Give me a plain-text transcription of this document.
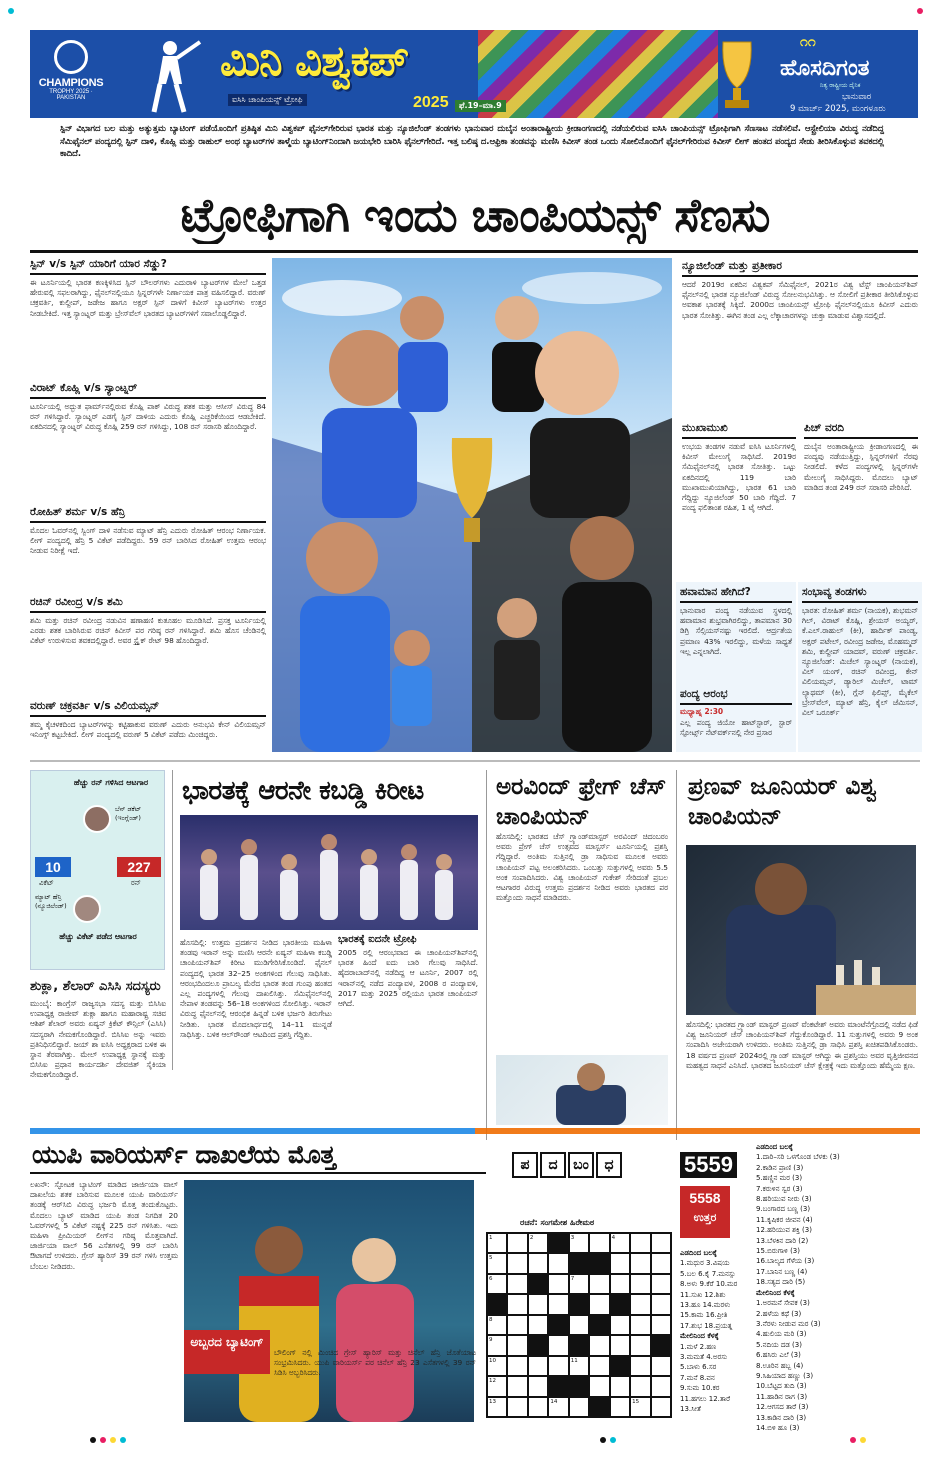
CHAMPIONS
TROPHY 2025 · PAKISTAN
ಮಿನಿ ವಿಶ್ವಕಪ್
ಐಸಿಸಿ ಚಾಂಪಿಯನ್ಸ್ ಟ್ರೋಫಿ	2025	ಫೆ.19–ಮಾ.9
೧೧
ಹೊಸದಿಗಂತ
ನಿತ್ಯ ರಾಷ್ಟ್ರೀಯ ದೈನಿಕ
ಭಾನುವಾರ
9 ಮಾರ್ಚ್ 2025, ಮಂಗಳೂರು
ಸ್ಪಿನ್ ವಿಭಾಗದ ಬಲ ಮತ್ತು ಅತ್ಯುತ್ತಮ ಬ್ಯಾಟಿಂಗ್ ಪಡೆಯೊಂದಿಗೆ ಪ್ರತಿಷ್ಠಿತ ಮಿನಿ ವಿಶ್ವಕಪ್ ಫೈನಲ್‌ಗೇರಿರುವ ಭಾರತ ಮತ್ತು ನ್ಯೂಜಿಲೆಂಡ್ ತಂಡಗಳು ಭಾನುವಾರ ದುಬೈನ ಅಂತಾರಾಷ್ಟ್ರೀಯ ಕ್ರೀಡಾಂಗಣದಲ್ಲಿ ನಡೆಯಲಿರುವ ಐಸಿಸಿ ಚಾಂಪಿಯನ್ಸ್ ಟ್ರೋಫಿಗಾಗಿ ಸೆಣಸಾಟ ನಡೆಸಲಿವೆ. ಆಸ್ಟ್ರೇಲಿಯಾ ವಿರುದ್ಧ ನಡೆದಿದ್ದ ಸೆಮಿಫೈನಲ್ ಪಂದ್ಯದಲ್ಲಿ ಸ್ಪಿನ್ ದಾಳಿ, ಕೊಹ್ಲಿ ಮತ್ತು ರಾಹುಲ್ ಅಂಥ ಬ್ಯಾಟರ್‌ಗಳ ತಾಳ್ಮೆಯ ಬ್ಯಾಟಿಂಗ್‌ನಿಂದಾಗಿ ಜಯಭೇರಿ ಬಾರಿಸಿ ಫೈನಲ್‌ಗೇರಿದೆ. ಇತ್ತ ಬಲಿಷ್ಠ ದ.ಆಫ್ರಿಕಾ ತಂಡವನ್ನು ಮಣಿಸಿ ಕಿವೀಸ್ ತಂಡ ಒಂದು ಸೋಲಿನೊಂದಿಗೆ ಫೈನಲ್‌ಗೇರಿರುವ ಕಿವೀಸ್ ಲೀಗ್ ಹಂತದ ಪಂದ್ಯದ ಸೇಡು ತೀರಿಸಿಕೊಳ್ಳುವ ತವಕದಲ್ಲಿ ಕಾದಿದೆ.
ಟ್ರೋಫಿಗಾಗಿ ಇಂದು ಚಾಂಪಿಯನ್ಸ್ ಸೆಣಸು
ಸ್ಪಿನ್ v/s ಸ್ಪಿನ್ ಯಾರಿಗೆ ಯಾರ ಸೆಡ್ಡು?
ಈ ಟೂರ್ನಿಯಲ್ಲಿ ಭಾರತ ಕಣಕ್ಕಿಳಿಸಿದ ಸ್ಪಿನ್ ಬೌಲರ್‌ಗಳು ಎದುರಾಳಿ ಬ್ಯಾಟರ್‌ಗಳ ಮೇಲೆ ಒತ್ತಡ ಹೇರುವಲ್ಲಿ ಸಫಲರಾಗಿದ್ದು, ಫೈನಲ್‌ನಲ್ಲಿಯೂ ಸ್ಪಿನ್ನರ್‌ಗಳೇ ನಿರ್ಣಾಯಕ ಪಾತ್ರ ವಹಿಸಲಿದ್ದಾರೆ. ವರುಣ್ ಚಕ್ರವರ್ತಿ, ಕುಲ್ದೀಪ್, ಜಡೇಜ ಹಾಗೂ ಅಕ್ಷರ್ ಸ್ಪಿನ್ ದಾಳಿಗೆ ಕಿವೀಸ್ ಬ್ಯಾಟರ್‌ಗಳು ಉತ್ತರ ನೀಡಬೇಕಿದೆ. ಇತ್ತ ಸ್ಯಾಂಟ್ನರ್ ಮತ್ತು ಬ್ರೇಸ್‌ವೆಲ್ ಭಾರತದ ಬ್ಯಾಟರ್‌ಗಳಿಗೆ ಸವಾಲೊಡ್ಡಲಿದ್ದಾರೆ.
ವಿರಾಟ್ ಕೊಹ್ಲಿ v/s ಸ್ಯಾಂಟ್ನರ್
ಟೂರ್ನಿಯಲ್ಲಿ ಅದ್ಭುತ ಫಾರ್ಮ್‌ನಲ್ಲಿರುವ ಕೊಹ್ಲಿ ಪಾಕ್ ವಿರುದ್ಧ ಶತಕ ಮತ್ತು ಆಸೀಸ್ ವಿರುದ್ಧ 84 ರನ್ ಗಳಿಸಿದ್ದಾರೆ. ಸ್ಯಾಂಟ್ನರ್ ಎಡಗೈ ಸ್ಪಿನ್ ದಾಳಿಯ ಎದುರು ಕೊಹ್ಲಿ ಎಚ್ಚರಿಕೆಯಿಂದ ಆಡಬೇಕಿದೆ. ಏಕದಿನದಲ್ಲಿ ಸ್ಯಾಂಟ್ನರ್ ವಿರುದ್ಧ ಕೊಹ್ಲಿ 259 ರನ್ ಗಳಿಸಿದ್ದು, 108 ರನ್ ಸರಾಸರಿ ಹೊಂದಿದ್ದಾರೆ.
ರೋಹಿತ್ ಶರ್ಮ v/s ಹೆನ್ರಿ
ಮೊದಲ ಓವರ್‌ನಲ್ಲಿ ಸ್ವಿಂಗ್ ದಾಳಿ ನಡೆಸುವ ಮ್ಯಾಟ್ ಹೆನ್ರಿ ಎದುರು ರೋಹಿತ್ ಆರಂಭ ನಿರ್ಣಾಯಕ. ಲೀಗ್ ಪಂದ್ಯದಲ್ಲಿ ಹೆನ್ರಿ 5 ವಿಕೆಟ್ ಪಡೆದಿದ್ದರು. 59 ರನ್ ಬಾರಿಸಿದ ರೋಹಿತ್ ಉತ್ತಮ ಆರಂಭ ನೀಡುವ ನಿರೀಕ್ಷೆ ಇದೆ.
ರಚಿನ್ ರವೀಂದ್ರ v/s ಶಮಿ
ಶಮಿ ಮತ್ತು ರಚಿನ್ ರವೀಂದ್ರ ನಡುವಿನ ಹಣಾಹಣಿ ಕುತೂಹಲ ಮೂಡಿಸಿದೆ. ಪ್ರಸಕ್ತ ಟೂರ್ನಿಯಲ್ಲಿ ಎರಡು ಶತಕ ಬಾರಿಸಿರುವ ರಚಿನ್ ಕಿವೀಸ್ ಪರ ಗರಿಷ್ಠ ರನ್ ಗಳಿಸಿದ್ದಾರೆ. ಶಮಿ ಹೊಸ ಚೆಂಡಿನಲ್ಲಿ ವಿಕೆಟ್ ಉರುಳಿಸುವ ತವಕದಲ್ಲಿದ್ದಾರೆ. ಅವರ ಸ್ಟ್ರೈಕ್ ರೇಟ್ 98 ಹೊಂದಿದ್ದಾರೆ.
ವರುಣ್ ಚಕ್ರವರ್ತಿ v/s ವಿಲಿಯಮ್ಸನ್
ತಮ್ಮ ಕೈಚಳಕದಿಂದ ಬ್ಯಾಟರ್‌ಗಳನ್ನು ಕಟ್ಟಿಹಾಕುವ ವರುಣ್ ಎದುರು ಅನುಭವಿ ಕೇನ್ ವಿಲಿಯಮ್ಸನ್ ಇನಿಂಗ್ಸ್ ಕಟ್ಟಬೇಕಿದೆ. ಲೀಗ್ ಪಂದ್ಯದಲ್ಲಿ ವರುಣ್ 5 ವಿಕೆಟ್ ಪಡೆದು ಮಿಂಚಿದ್ದರು.
ನ್ಯೂಜಿಲೆಂಡ್ ಮತ್ತು ಪ್ರತೀಕಾರ
ಆದರೆ 2019ರ ಏಕದಿನ ವಿಶ್ವಕಪ್ ಸೆಮಿಫೈನಲ್, 2021ರ ವಿಶ್ವ ಟೆಸ್ಟ್ ಚಾಂಪಿಯನ್‌ಶಿಪ್ ಫೈನಲ್‌ನಲ್ಲಿ ಭಾರತ ನ್ಯೂಜಿಲೆಂಡ್ ವಿರುದ್ಧ ಸೋಲನುಭವಿಸಿತ್ತು. ಆ ಸೋಲಿಗೆ ಪ್ರತೀಕಾರ ತೀರಿಸಿಕೊಳ್ಳುವ ಅವಕಾಶ ಭಾರತಕ್ಕೆ ಸಿಕ್ಕಿದೆ. 2000ದ ಚಾಂಪಿಯನ್ಸ್ ಟ್ರೋಫಿ ಫೈನಲ್‌ನಲ್ಲಿಯೂ ಕಿವೀಸ್ ಎದುರು ಭಾರತ ಸೋತಿತ್ತು. ಈಗಿನ ತಂಡ ಎಲ್ಲ ಲೆಕ್ಕಾಚಾರಗಳನ್ನು ಚುಕ್ತಾ ಮಾಡುವ ವಿಶ್ವಾಸದಲ್ಲಿದೆ.
ಮುಖಾಮುಖಿ
ಉಭಯ ತಂಡಗಳ ನಡುವೆ ಐಸಿಸಿ ಟೂರ್ನಿಗಳಲ್ಲಿ ಕಿವೀಸ್ ಮೇಲುಗೈ ಸಾಧಿಸಿದೆ. 2019ರ ಸೆಮಿಫೈನಲ್‌ನಲ್ಲಿ ಭಾರತ ಸೋತಿತ್ತು. ಒಟ್ಟು ಏಕದಿನದಲ್ಲಿ 119 ಬಾರಿ ಮುಖಾಮುಖಿಯಾಗಿದ್ದು, ಭಾರತ 61 ಬಾರಿ ಗೆದ್ದಿದ್ದು ನ್ಯೂಜಿಲೆಂಡ್ 50 ಬಾರಿ ಗೆದ್ದಿದೆ. 7 ಪಂದ್ಯ ಫಲಿತಾಂಶ ರಹಿತ, 1 ಟೈ ಆಗಿದೆ.
ಪಿಚ್ ವರದಿ
ದುಬೈನ ಅಂತಾರಾಷ್ಟ್ರೀಯ ಕ್ರೀಡಾಂಗಣದಲ್ಲಿ ಈ ಪಂದ್ಯವು ನಡೆಯುತ್ತಿದ್ದು, ಸ್ಪಿನ್ನರ್‌ಗಳಿಗೆ ನೆರವು ನೀಡಲಿದೆ. ಕಳೆದ ಪಂದ್ಯಗಳಲ್ಲಿ ಸ್ಪಿನ್ನರ್‌ಗಳೇ ಮೇಲುಗೈ ಸಾಧಿಸಿದ್ದರು. ಮೊದಲು ಬ್ಯಾಟ್ ಮಾಡಿದ ತಂಡ 249 ರನ್ ಸರಾಸರಿ ಪೇರಿಸಿದೆ.
ಹವಾಮಾನ ಹೇಗಿದೆ?
ಭಾನುವಾರ ಪಂದ್ಯ ನಡೆಯುವ ಸ್ಥಳದಲ್ಲಿ ಹವಾಮಾನ ಶುಭ್ರವಾಗಿರಲಿದ್ದು, ತಾಪಮಾನ 30 ಡಿಗ್ರಿ ಸೆಲ್ಸಿಯಸ್‌ನಷ್ಟು ಇರಲಿದೆ. ಆರ್ದ್ರತೆಯ ಪ್ರಮಾಣ 43% ಇರಲಿದ್ದು, ಮಳೆಯ ಸಾಧ್ಯತೆ ಇಲ್ಲ ಎನ್ನಲಾಗಿದೆ.
ಪಂದ್ಯ ಆರಂಭ
ಮಧ್ಯಾಹ್ನ 2:30
ಎಲ್ಲ ಪಂದ್ಯ ಜಿಯೋ ಹಾಟ್‌ಸ್ಟಾರ್, ಸ್ಟಾರ್ ಸ್ಪೋರ್ಟ್ಸ್ ನೆಟ್‌ವರ್ಕ್‌ನಲ್ಲಿ ನೇರ ಪ್ರಸಾರ
ಸಂಭಾವ್ಯ ತಂಡಗಳು
ಭಾರತ: ರೋಹಿತ್ ಶರ್ಮ (ನಾಯಕ), ಶುಭಮನ್ ಗಿಲ್, ವಿರಾಟ್ ಕೊಹ್ಲಿ, ಶ್ರೇಯಸ್ ಅಯ್ಯರ್, ಕೆ.ಎಲ್.ರಾಹುಲ್ (ಕೀ), ಹಾರ್ದಿಕ್ ಪಾಂಡ್ಯ, ಅಕ್ಷರ್ ಪಟೇಲ್, ರವೀಂದ್ರ ಜಡೇಜ, ಮೊಹಮ್ಮದ್ ಶಮಿ, ಕುಲ್ದೀಪ್ ಯಾದವ್, ವರುಣ್ ಚಕ್ರವರ್ತಿ. ನ್ಯೂಜಿಲೆಂಡ್: ಮಿಚೆಲ್ ಸ್ಯಾಂಟ್ನರ್ (ನಾಯಕ), ವಿಲ್ ಯಂಗ್, ರಚಿನ್ ರವೀಂದ್ರ, ಕೇನ್ ವಿಲಿಯಮ್ಸನ್, ಡ್ಯಾರಿಲ್ ಮಿಚೆಲ್, ಟಾಮ್ ಲ್ಯಾಥಮ್ (ಕೀ), ಗ್ಲೆನ್ ಫಿಲಿಪ್ಸ್, ಮೈಕೆಲ್ ಬ್ರೇಸ್‌ವೆಲ್, ಮ್ಯಾಟ್ ಹೆನ್ರಿ, ಕೈಲ್ ಜೆಮಿಸನ್, ವಿಲ್ ಒರೂರ್ಕ್
ಹೆಚ್ಚು ರನ್ ಗಳಿಸಿದ ಆಟಗಾರ
ಬೆನ್ ಡಕೆಟ್ (ಇಂಗ್ಲೆಂಡ್)
10	227
ವಿಕೆಟ್	ರನ್
ಮ್ಯಾಟ್ ಹೆನ್ರಿ (ನ್ಯೂಜಿಲೆಂಡ್)
ಹೆಚ್ಚು ವಿಕೆಟ್ ಪಡೆದ ಆಟಗಾರ
ಶುಕ್ಲಾ, ಶೆಲಾರ್ ಎಸಿಸಿ ಸದಸ್ಯರು
ಮುಂಬೈ: ಕಾಂಗ್ರೆಸ್ ರಾಜ್ಯಸಭಾ ಸದಸ್ಯ ಮತ್ತು ಬಿಸಿಸಿಐ ಉಪಾಧ್ಯಕ್ಷ ರಾಜೀವ್ ಶುಕ್ಲಾ ಹಾಗೂ ಮಹಾರಾಷ್ಟ್ರ ಸಚಿವ ಆಶಿಶ್ ಶೆಲಾರ್ ಅವರು ಏಷ್ಯನ್ ಕ್ರಿಕೆಟ್ ಕೌನ್ಸಿಲ್ (ಎಸಿಸಿ) ಸದಸ್ಯರಾಗಿ ನೇಮಕಗೊಂಡಿದ್ದಾರೆ. ಬಿಸಿಸಿಐ ಅನ್ನು ಇವರು ಪ್ರತಿನಿಧಿಸಲಿದ್ದಾರೆ. ಜಯ್ ಶಾ ಐಸಿಸಿ ಅಧ್ಯಕ್ಷರಾದ ಬಳಿಕ ಈ ಸ್ಥಾನ ತೆರವಾಗಿತ್ತು. ಮೇಲ್ ಉಪಾಧ್ಯಕ್ಷ ಸ್ಥಾನಕ್ಕೆ ಮತ್ತು ಬಿಸಿಸಿಐ ಪ್ರಧಾನ ಕಾರ್ಯದರ್ಶಿ ದೇವಜಿತ್ ಸೈಕಿಯಾ ನೇಮಕಗೊಂಡಿದ್ದಾರೆ.
ಭಾರತಕ್ಕೆ ಆರನೇ ಕಬಡ್ಡಿ ಕಿರೀಟ
ಹೊಸದಿಲ್ಲಿ: ಉತ್ತಮ ಪ್ರದರ್ಶನ ನೀಡಿದ ಭಾರತೀಯ ಮಹಿಳಾ ತಂಡವು ಇರಾನ್ ಅನ್ನು ಮಣಿಸಿ ಆರನೇ ಏಷ್ಯನ್ ಮಹಿಳಾ ಕಬಡ್ಡಿ ಚಾಂಪಿಯನ್‌ಶಿಪ್ ಕಿರೀಟ ಮುಡಿಗೇರಿಸಿಕೊಂಡಿದೆ. ಫೈನಲ್ ಪಂದ್ಯದಲ್ಲಿ ಭಾರತ 32–25 ಅಂಕಗಳಿಂದ ಗೆಲುವು ಸಾಧಿಸಿತು. ಆರಂಭದಿಂದಲೂ ಪ್ರಾಬಲ್ಯ ಮೆರೆದ ಭಾರತ ತಂಡ ಗುಂಪು ಹಂತದ ಎಲ್ಲ ಪಂದ್ಯಗಳಲ್ಲಿ ಗೆಲುವು ದಾಖಲಿಸಿತ್ತು. ಸೆಮಿಫೈನಲ್‌ನಲ್ಲಿ ನೇಪಾಳ ತಂಡವನ್ನು 56–18 ಅಂಕಗಳಿಂದ ಸೋಲಿಸಿತ್ತು. ಇರಾನ್ ವಿರುದ್ಧ ಫೈನಲ್‌ನಲ್ಲಿ ಆರಂಭಿಕ ಹಿನ್ನಡೆ ಬಳಿಕ ಭರ್ಜರಿ ತಿರುಗೇಟು ನೀಡಿತು. ಭಾರತ ಮೊದಲಾರ್ಧದಲ್ಲಿ 14–11 ಮುನ್ನಡೆ ಸಾಧಿಸಿತ್ತು. ಬಳಿಕ ಆಲ್‌ರೌಂಡ್ ಆಟದಿಂದ ಪ್ರಶಸ್ತಿ ಗೆದ್ದಿತು.
ಭಾರತಕ್ಕೆ ಐದನೇ ಟ್ರೋಫಿ
2005 ರಲ್ಲಿ ಆರಂಭವಾದ ಈ ಚಾಂಪಿಯನ್‌ಶಿಪ್‌ನಲ್ಲಿ ಭಾರತ ಹಿಂದೆ ಐದು ಬಾರಿ ಗೆಲುವು ಸಾಧಿಸಿದೆ. ಹೈದರಾಬಾದ್‌ನಲ್ಲಿ ನಡೆದಿದ್ದ ಆ ಟೂರ್ನಿ, 2007 ರಲ್ಲಿ ಇರಾನ್‌ನಲ್ಲಿ ನಡೆದ ಪಂದ್ಯಾವಳಿ, 2008 ರ ಪಂದ್ಯಾವಳಿ, 2017 ಮತ್ತು 2025 ರಲ್ಲಿಯೂ ಭಾರತ ಚಾಂಪಿಯನ್ ಆಗಿದೆ.
ಅರವಿಂದ್ ಫ್ರೇಗ್ ಚೆಸ್ ಚಾಂಪಿಯನ್
ಹೊಸದಿಲ್ಲಿ: ಭಾರತದ ಚೆಸ್ ಗ್ರ್ಯಾಂಡ್‌ಮಾಸ್ಟರ್ ಅರವಿಂದ್ ಚಿದಂಬರಂ ಅವರು ಪ್ರೇಗ್ ಚೆಸ್ ಉತ್ಸವದ ಮಾಸ್ಟರ್ಸ್ ಟೂರ್ನಿಯಲ್ಲಿ ಪ್ರಶಸ್ತಿ ಗೆದ್ದಿದ್ದಾರೆ. ಅಂತಿಮ ಸುತ್ತಿನಲ್ಲಿ ಡ್ರಾ ಸಾಧಿಸುವ ಮೂಲಕ ಅವರು ಚಾಂಪಿಯನ್ ಪಟ್ಟ ಅಲಂಕರಿಸಿದರು. ಒಂಬತ್ತು ಸುತ್ತುಗಳಲ್ಲಿ ಅವರು 5.5 ಅಂಕ ಸಂಪಾದಿಸಿದರು. ವಿಶ್ವ ಚಾಂಪಿಯನ್ ಗುಕೇಶ್ ಸೇರಿದಂತೆ ಪ್ರಬಲ ಆಟಗಾರರ ವಿರುದ್ಧ ಉತ್ತಮ ಪ್ರದರ್ಶನ ನೀಡಿದ ಅವರು ಭಾರತದ ಪರ ಮತ್ತೊಂದು ಸಾಧನೆ ಮಾಡಿದರು.
ಪ್ರಣವ್ ಜೂನಿಯರ್ ವಿಶ್ವ ಚಾಂಪಿಯನ್
ಹೊಸದಿಲ್ಲಿ: ಭಾರತದ ಗ್ರ್ಯಾಂಡ್ ಮಾಸ್ಟರ್ ಪ್ರಣವ್ ವೆಂಕಟೇಶ್ ಅವರು ಮಾಂಟೆನೆಗ್ರೊದಲ್ಲಿ ನಡೆದ ಫಿಡೆ ವಿಶ್ವ ಜೂನಿಯರ್ ಚೆಸ್ ಚಾಂಪಿಯನ್‌ಶಿಪ್ ಗೆದ್ದುಕೊಂಡಿದ್ದಾರೆ. 11 ಸುತ್ತುಗಳಲ್ಲಿ ಅವರು 9 ಅಂಕ ಸಂಪಾದಿಸಿ ಅಜೇಯರಾಗಿ ಉಳಿದರು. ಅಂತಿಮ ಸುತ್ತಿನಲ್ಲಿ ಡ್ರಾ ಸಾಧಿಸಿ ಪ್ರಶಸ್ತಿ ಖಚಿತಪಡಿಸಿಕೊಂಡರು. 18 ವರ್ಷದ ಪ್ರಣವ್ 2024ರಲ್ಲಿ ಗ್ರ್ಯಾಂಡ್ ಮಾಸ್ಟರ್ ಆಗಿದ್ದು ಈ ಪ್ರಶಸ್ತಿಯು ಅವರ ವೃತ್ತಿಜೀವನದ ಮಹತ್ವದ ಸಾಧನೆ ಎನಿಸಿದೆ. ಭಾರತದ ಜೂನಿಯರ್ ಚೆಸ್ ಕ್ಷೇತ್ರಕ್ಕೆ ಇದು ಮತ್ತೊಂದು ಹೆಮ್ಮೆಯ ಕ್ಷಣ.
ಯುಪಿ ವಾರಿಯರ್ಸ್ ದಾಖಲೆಯ ಮೊತ್ತ
ಲಖನೌ: ಸ್ಫೋಟಕ ಬ್ಯಾಟಿಂಗ್ ಮಾಡಿದ ಜಾರ್ಜಿಯಾ ವಾಲ್ ದಾಖಲೆಯ ಶತಕ ಬಾರಿಸುವ ಮೂಲಕ ಯುಪಿ ವಾರಿಯರ್ಸ್ ತಂಡಕ್ಕೆ ಆರ್‌ಸಿಬಿ ವಿರುದ್ಧ ಭರ್ಜರಿ ಮೊತ್ತ ತಂದುಕೊಟ್ಟರು. ಮೊದಲು ಬ್ಯಾಟ್ ಮಾಡಿದ ಯುಪಿ ತಂಡ ನಿಗದಿತ 20 ಓವರ್‌ಗಳಲ್ಲಿ 5 ವಿಕೆಟ್ ನಷ್ಟಕ್ಕೆ 225 ರನ್ ಗಳಿಸಿತು. ಇದು ಮಹಿಳಾ ಪ್ರೀಮಿಯರ್ ಲೀಗ್‌ನ ಗರಿಷ್ಠ ಮೊತ್ತವಾಗಿದೆ. ಜಾರ್ಜಿಯಾ ವಾಲ್ 56 ಎಸೆತಗಳಲ್ಲಿ 99 ರನ್ ಬಾರಿಸಿ ಔಟಾಗದೆ ಉಳಿದರು. ಗ್ರೇಸ್ ಹ್ಯಾರಿಸ್ 39 ರನ್ ಗಳಿಸಿ ಉತ್ತಮ ಬೆಂಬಲ ನೀಡಿದರು.
ಅಬ್ಬರದ ಬ್ಯಾಟಿಂಗ್
ಬೌಲಿಂಗ್ ನಲ್ಲಿ ಮಿಂಚಿದ ಗ್ರೇಸ್ ಹ್ಯಾರಿಸ್ ಮತ್ತು ಚಿನೆಲ್ ಹೆನ್ರಿ ಜೊತೆಯಾಟ ಸಂಭ್ರಮಿಸಿದರು. ಯುಪಿ ವಾರಿಯರ್ಸ್ ಪರ ಚಿನೆಲ್ ಹೆನ್ರಿ 23 ಎಸೆತಗಳಲ್ಲಿ 39 ರನ್ ಸಿಡಿಸಿ ಅಬ್ಬರಿಸಿದರು.
ಪ	ದ	ಬಂ	ಧ	5559
5558
ಉತ್ತರ
ರಚನೆ: ಸಂಗಮೇಶ ಹಿರೇಮಠ
1	2	3	4
5
6	7
8
9
10	11
12
13	14	15
ಎಡದಿಂದ ಬಲಕ್ಕೆ
1.ಮಧುರ 3.ವಿಷಯ
5.ಬಲ 6.ಕೈ 7.ಮನಸ್ಸು
8.ಅಳು 9.ಕೆರೆ 10.ಮರ
11.ಸುಖ 12.ಶಿಶು
13.ಹೂ 14.ಮರಳು
15.ಕಾಮ 16.ಪ್ರೀತಿ
17.ಶುಭ 18.ಪ್ರಯತ್ನ
ಮೇಲಿನಿಂದ ಕೆಳಕ್ಕೆ
1.ಮಳೆ 2.ಹಣ
3.ಮಮತೆ 4.ಅರಸು
5.ಬಾಳು 6.ಸರ
7.ಮನೆ 8.ವನ
9.ಸುಮ 10.ಕರ
11.ಹಗಲು 12.ತಾರೆ
13.ಸೀತೆ
ಎಡದಿಂದ ಬಲಕ್ಕೆ
1.ದಾರಿ–ಸರಿ ಒಳಗೊಂಡ ಬೆಳಕು (3)
2.ಕಾಡಿನ ಪ್ರಾಣಿ (3)
5.ಹಣ್ಣಿನ ಮರ (3)
7.ಕರುಳಿನ ಸ್ವರ (3)
8.ಹರಿಯುವ ನೀರು (3)
9.ಬಂಗಾರದ ಬಣ್ಣ (3)
11.ಕೃಷಿಕರ ಜೀವನ (4)
12.ಹರಿಯುವ ಶಕ್ತಿ (3)
13.ಬೆಳಕಿನ ದಾರಿ (2)
15.ಬಿರುಗಾಳಿ (3)
16.ಬಾಲ್ಯದ ಗೆಳೆಯ (3)
17.ಬಾನಿನ ಬಣ್ಣ (4)
18.ಸತ್ಯದ ದಾರಿ (5)
ಮೇಲಿನಿಂದ ಕೆಳಕ್ಕೆ
1.ಅರಮನೆ ಸೇವಕ (3)
2.ಹಳೆಯ ಕಥೆ (3)
3.ನೆರಳು ನೀಡುವ ಮರ (3)
4.ಹುಲಿಯ ಮರಿ (3)
5.ನದಿಯ ದಡ (3)
6.ಹಸಿರು ಎಲೆ (3)
8.ಊರಿನ ಹಬ್ಬ (4)
9.ಸಿಹಿಯಾದ ಹಣ್ಣು (3)
10.ಬೆಟ್ಟದ ತುದಿ (3)
11.ಹಾಡಿನ ರಾಗ (3)
12.ಆಗಸದ ತಾರೆ (3)
13.ಕಾಡಿನ ದಾರಿ (3)
14.ಬಿಳಿ ಹೂ (3)
